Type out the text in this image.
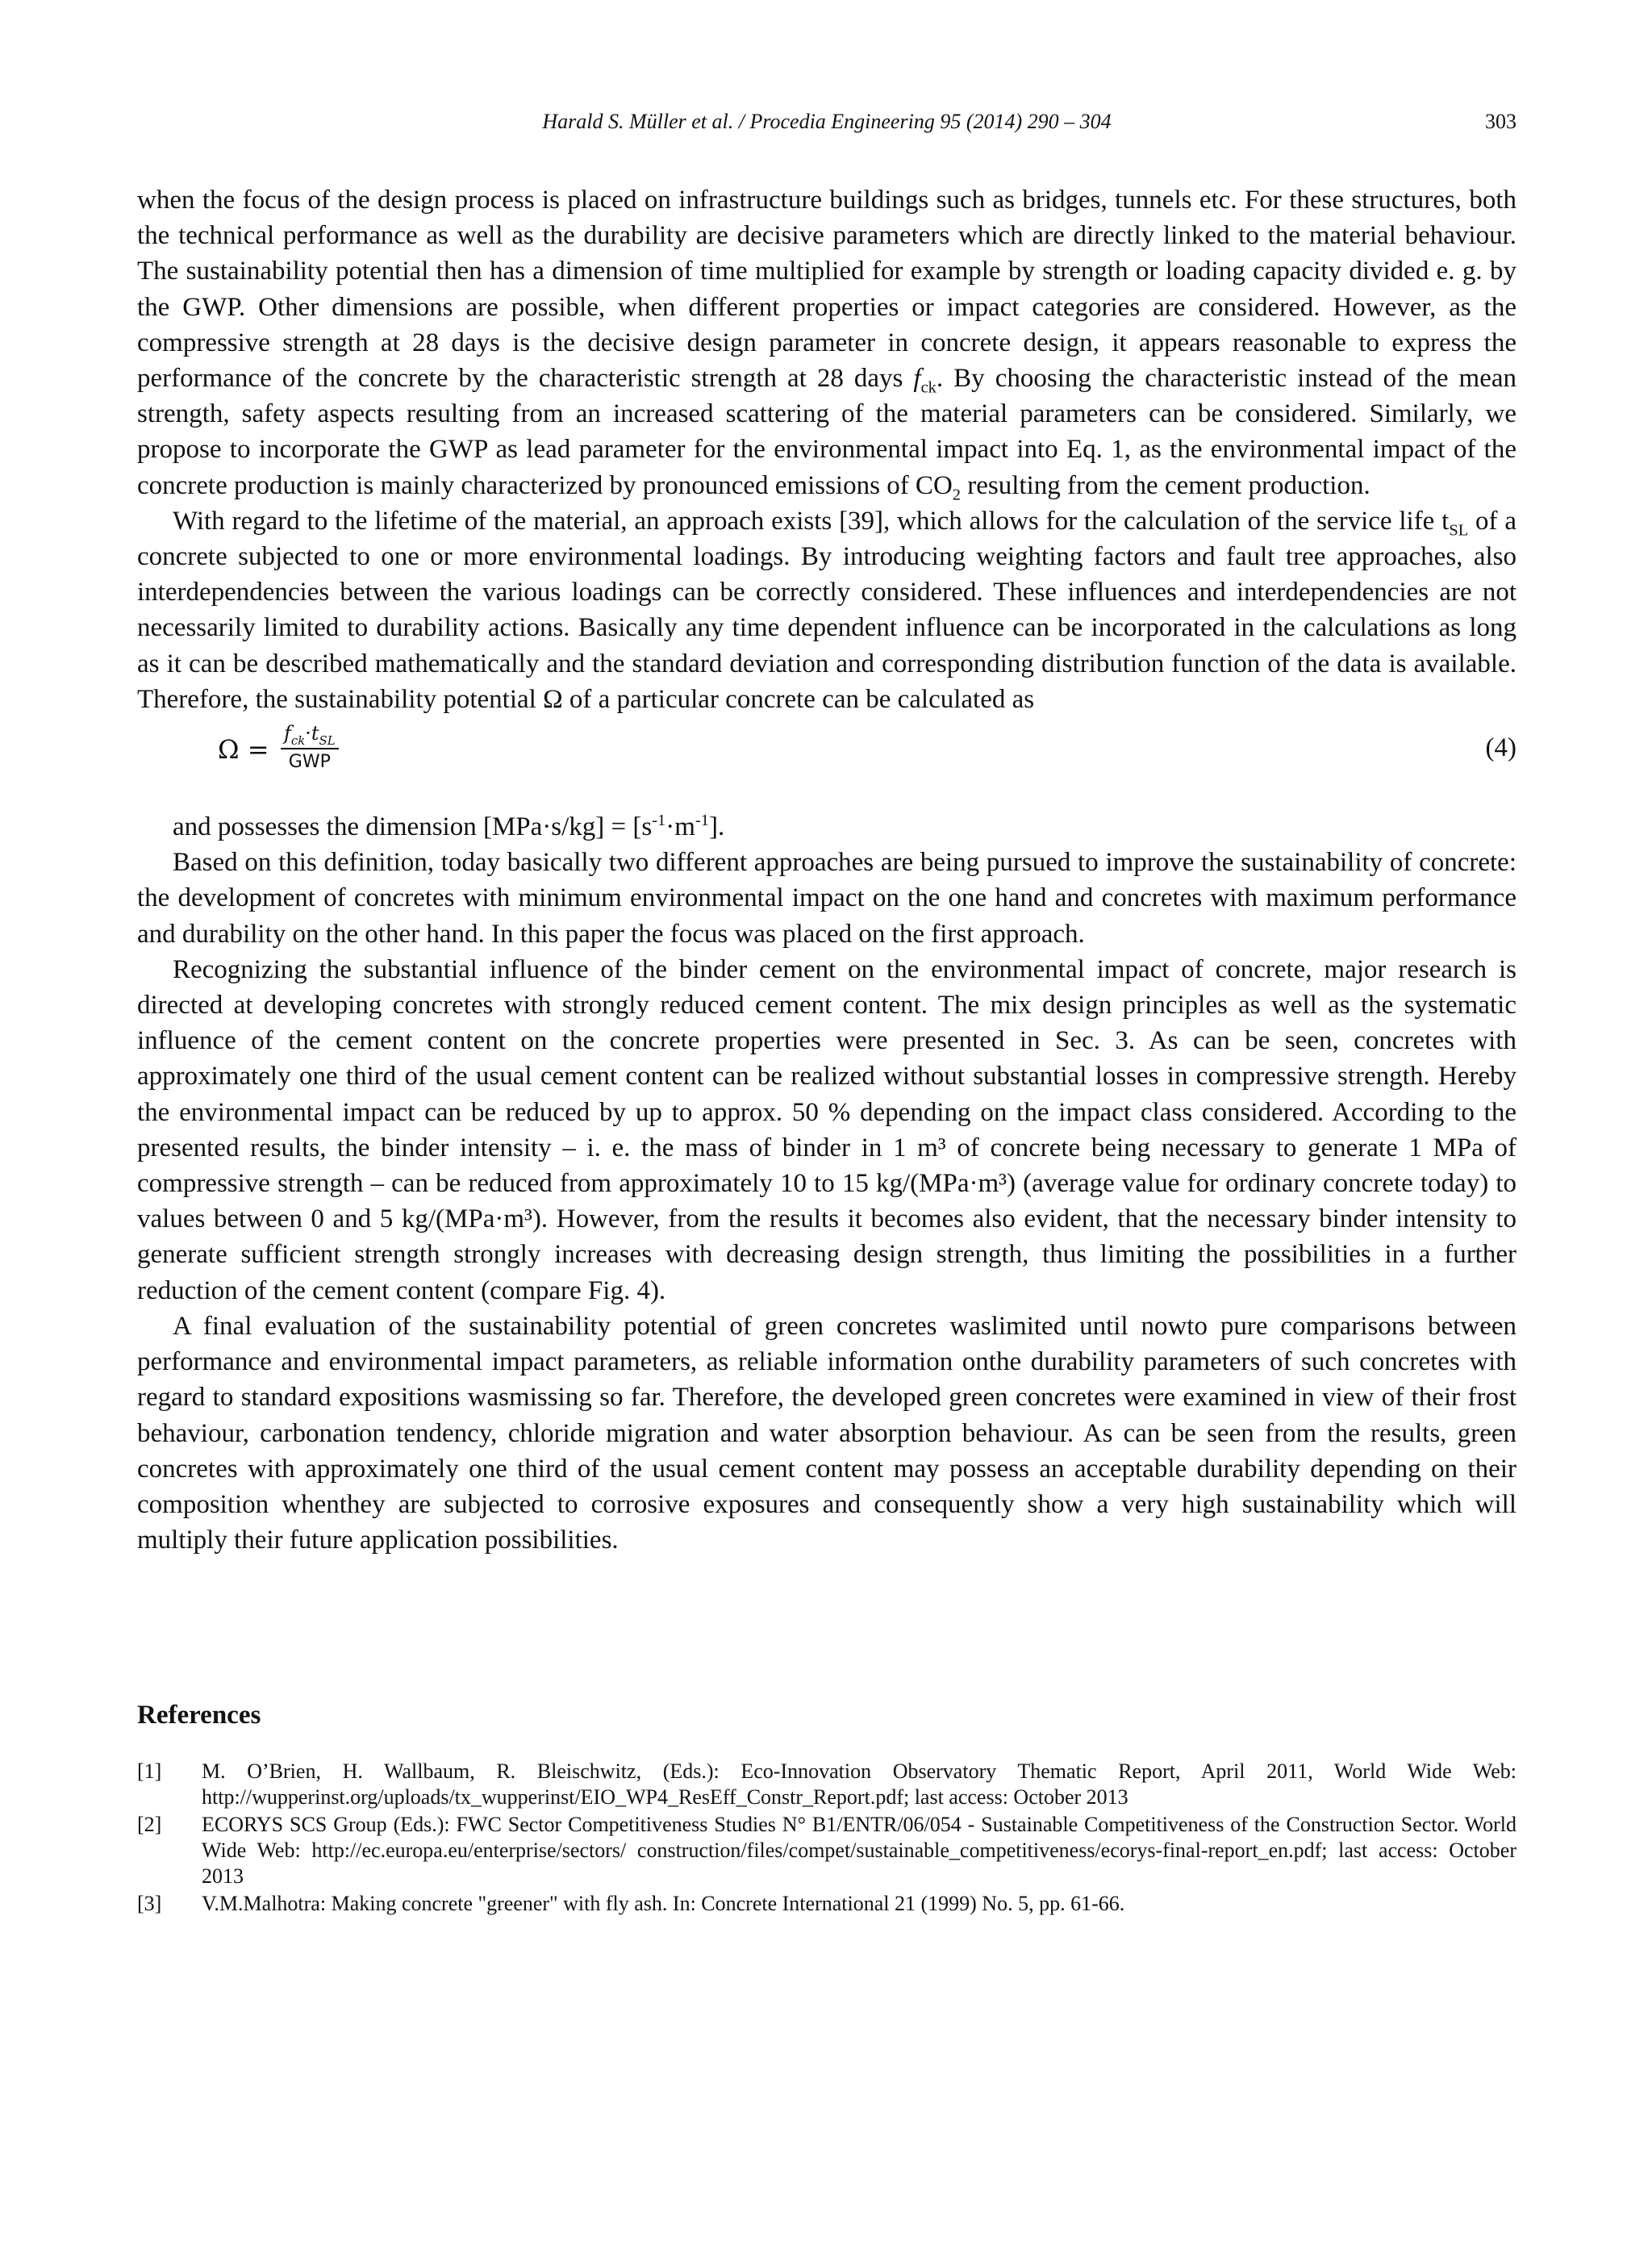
Harald S. Müller et al. / Procedia Engineering 95 (2014) 290 – 304	303

when the focus of the design process is placed on infrastructure buildings such as bridges, tunnels etc. For these structures, both the technical performance as well as the durability are decisive parameters which are directly linked to the material behaviour. The sustainability potential then has a dimension of time multiplied for example by strength or loading capacity divided e. g. by the GWP. Other dimensions are possible, when different properties or impact categories are considered. However, as the compressive strength at 28 days is the decisive design parameter in concrete design, it appears reasonable to express the performance of the concrete by the characteristic strength at 28 days $f_{ck}$. By choosing the characteristic instead of the mean strength, safety aspects resulting from an increased scattering of the material parameters can be considered. Similarly, we propose to incorporate the GWP as lead parameter for the environmental impact into Eq. 1, as the environmental impact of the concrete production is mainly characterized by pronounced emissions of $CO_2$ resulting from the cement production.

With regard to the lifetime of the material, an approach exists [39], which allows for the calculation of the service life $t_{SL}$ of a concrete subjected to one or more environmental loadings. By introducing weighting factors and fault tree approaches, also interdependencies between the various loadings can be correctly considered. These influences and interdependencies are not necessarily limited to durability actions. Basically any time dependent influence can be incorporated in the calculations as long as it can be described mathematically and the standard deviation and corresponding distribution function of the data is available. Therefore, the sustainability potential Ω of a particular concrete can be calculated as

Ω =
$f_{ck}\cdot t_{SL}$
GWP	(4)

and possesses the dimension $[MPa\cdot s/kg] = [s^{-1}\cdot m^{-1}]$.

Based on this definition, today basically two different approaches are being pursued to improve the sustainability of concrete: the development of concretes with minimum environmental impact on the one hand and concretes with maximum performance and durability on the other hand. In this paper the focus was placed on the first approach.

Recognizing the substantial influence of the binder cement on the environmental impact of concrete, major research is directed at developing concretes with strongly reduced cement content. The mix design principles as well as the systematic influence of the cement content on the concrete properties were presented in Sec. 3. As can be seen, concretes with approximately one third of the usual cement content can be realized without substantial losses in compressive strength. Hereby the environmental impact can be reduced by up to approx. 50 % depending on the impact class considered. According to the presented results, the binder intensity – i. e. the mass of binder in 1 m³ of concrete being necessary to generate 1 MPa of compressive strength – can be reduced from approximately 10 to 15 kg/(MPa·m³) (average value for ordinary concrete today) to values between 0 and 5 kg/(MPa·m³). However, from the results it becomes also evident, that the necessary binder intensity to generate sufficient strength strongly increases with decreasing design strength, thus limiting the possibilities in a further reduction of the cement content (compare Fig. 4).

A final evaluation of the sustainability potential of green concretes waslimited until nowto pure comparisons between performance and environmental impact parameters, as reliable information onthe durability parameters of such concretes with regard to standard expositions wasmissing so far. Therefore, the developed green concretes were examined in view of their frost behaviour, carbonation tendency, chloride migration and water absorption behaviour. As can be seen from the results, green concretes with approximately one third of the usual cement content may possess an acceptable durability depending on their composition whenthey are subjected to corrosive exposures and consequently show a very high sustainability which will multiply their future application possibilities.

References
[1]	M. O’Brien, H. Wallbaum, R. Bleischwitz, (Eds.): Eco-Innovation Observatory Thematic Report, April 2011, World Wide Web: http://wupperinst.org/uploads/tx_wupperinst/EIO_WP4_ResEff_Constr_Report.pdf; last access: October 2013
[2]	ECORYS SCS Group (Eds.): FWC Sector Competitiveness Studies N° B1/ENTR/06/054 - Sustainable Competitiveness of the Construction Sector. World Wide Web: http://ec.europa.eu/enterprise/sectors/ construction/files/compet/sustainable_competitiveness/ecorys-final-report_en.pdf; last access: October 2013
[3]	V.M.Malhotra: Making concrete "greener" with fly ash. In: Concrete International 21 (1999) No. 5, pp. 61-66.
